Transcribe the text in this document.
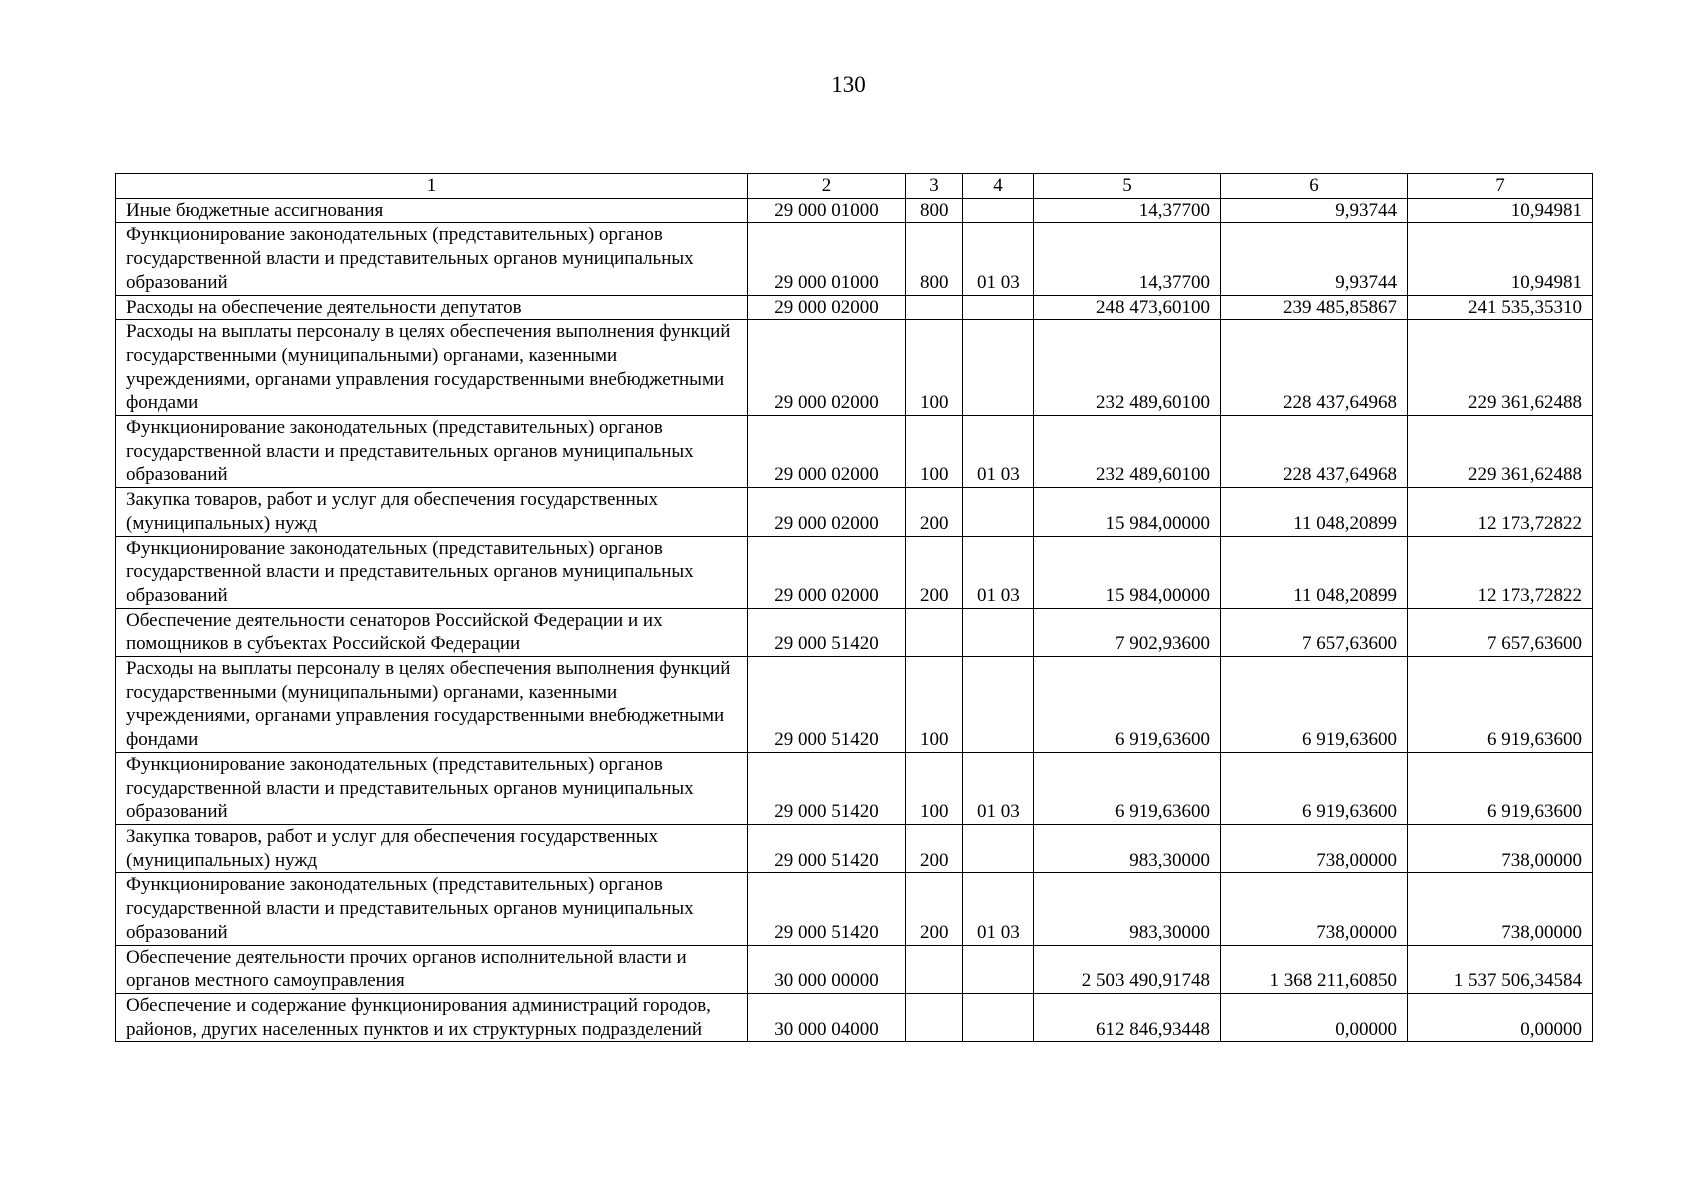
130
1	2	3	4	5	6	7
Иные бюджетные ассигнования	29 000 01000	800		14,37700	9,93744	10,94981
Функционирование законодательных (представительных) органов государственной власти и представительных органов муниципальных образований	29 000 01000	800	01 03	14,37700	9,93744	10,94981
Расходы на обеспечение деятельности депутатов	29 000 02000			248 473,60100	239 485,85867	241 535,35310
Расходы на выплаты персоналу в целях обеспечения выполнения функций государственными (муниципальными) органами, казенными учреждениями, органами управления государственными внебюджетными фондами	29 000 02000	100		232 489,60100	228 437,64968	229 361,62488
Функционирование законодательных (представительных) органов государственной власти и представительных органов муниципальных образований	29 000 02000	100	01 03	232 489,60100	228 437,64968	229 361,62488
Закупка товаров, работ и услуг для обеспечения государственных (муниципальных) нужд	29 000 02000	200		15 984,00000	11 048,20899	12 173,72822
Функционирование законодательных (представительных) органов государственной власти и представительных органов муниципальных образований	29 000 02000	200	01 03	15 984,00000	11 048,20899	12 173,72822
Обеспечение деятельности сенаторов Российской Федерации и их помощников в субъектах Российской Федерации	29 000 51420			7 902,93600	7 657,63600	7 657,63600
Расходы на выплаты персоналу в целях обеспечения выполнения функций государственными (муниципальными) органами, казенными учреждениями, органами управления государственными внебюджетными фондами	29 000 51420	100		6 919,63600	6 919,63600	6 919,63600
Функционирование законодательных (представительных) органов государственной власти и представительных органов муниципальных образований	29 000 51420	100	01 03	6 919,63600	6 919,63600	6 919,63600
Закупка товаров, работ и услуг для обеспечения государственных (муниципальных) нужд	29 000 51420	200		983,30000	738,00000	738,00000
Функционирование законодательных (представительных) органов государственной власти и представительных органов муниципальных образований	29 000 51420	200	01 03	983,30000	738,00000	738,00000
Обеспечение деятельности прочих органов исполнительной власти и органов местного самоуправления	30 000 00000			2 503 490,91748	1 368 211,60850	1 537 506,34584
Обеспечение и содержание функционирования администраций городов, районов, других населенных пунктов и их структурных подразделений	30 000 04000			612 846,93448	0,00000	0,00000
